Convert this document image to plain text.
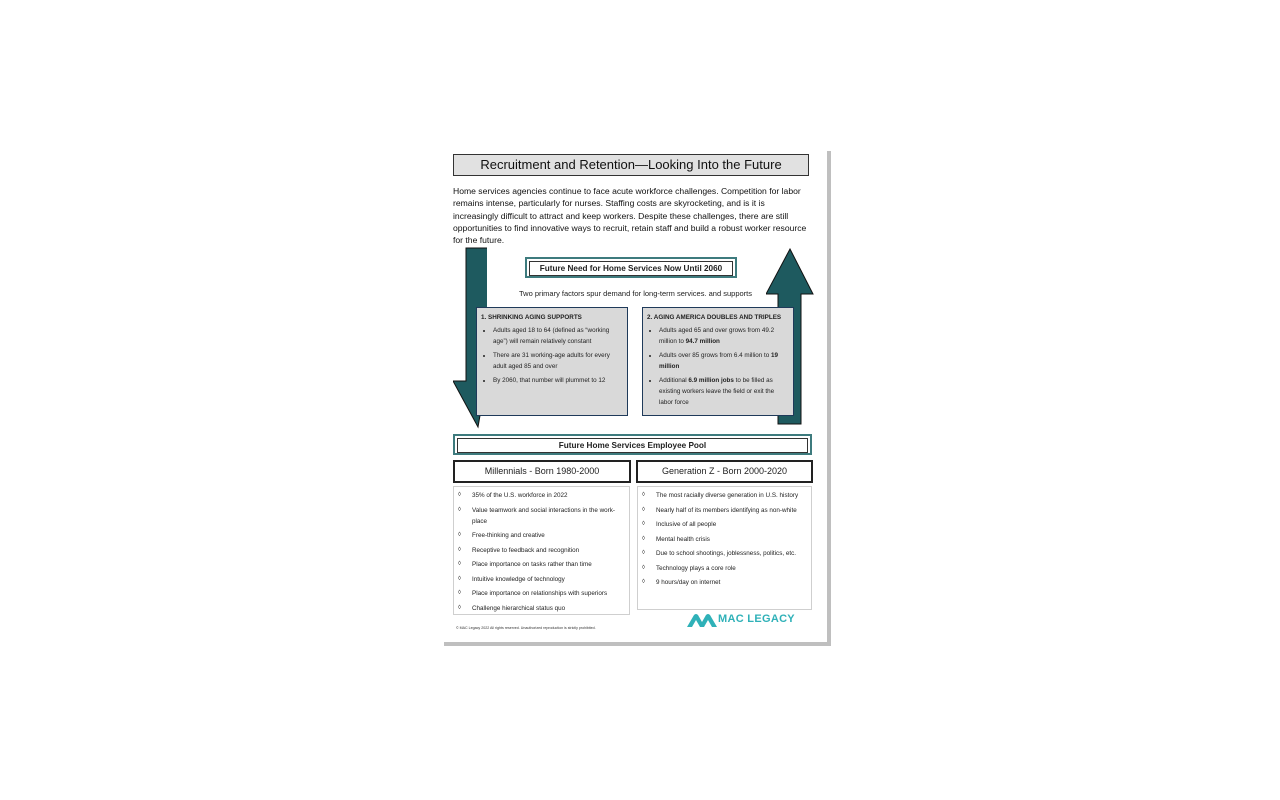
Recruitment and Retention—Looking Into the Future
Home services agencies continue to face acute workforce challenges. Competition for labor remains intense, particularly for nurses. Staffing costs are skyrocketing, and is it is increasingly difficult to attract and keep workers. Despite these challenges, there are still opportunities to find innovative ways to recruit, retain staff and build a robust worker resource for the future.
Future Need for Home Services Now Until 2060
Two primary factors spur demand for long-term services. and supports
1. SHRINKING AGING SUPPORTS
• Adults aged 18 to 64 (defined as “working age”) will remain relatively constant
• There are 31 working-age adults for every adult aged 85 and over
• By 2060, that number will plummet to 12
2. AGING AMERICA DOUBLES AND TRIPLES
• Adults aged 65 and over grows from 49.2 million to 94.7 million
• Adults over 85 grows from 6.4 million to 19 million
• Additional 6.9 million jobs to be filled as existing workers leave the field or exit the labor force
Future Home Services Employee Pool
Millennials - Born 1980-2000	Generation Z - Born 2000-2020
◊ 35% of the U.S. workforce in 2022
◊ Value teamwork and social interactions in the work-place
◊ Free-thinking and creative
◊ Receptive to feedback and recognition
◊ Place importance on tasks rather than time
◊ Intuitive knowledge of technology
◊ Place importance on relationships with superiors
◊ Challenge hierarchical status quo
◊ The most racially diverse generation in U.S. history
◊ Nearly half of its members identifying as non-white
◊ Inclusive of all people
◊ Mental health crisis
◊ Due to school shootings, joblessness, politics, etc.
◊ Technology plays a core role
◊ 9 hours/day on internet
© MAC Legacy 2022 All rights reserved. Unauthorized reproduction is strictly prohibited.
MAC LEGACY
